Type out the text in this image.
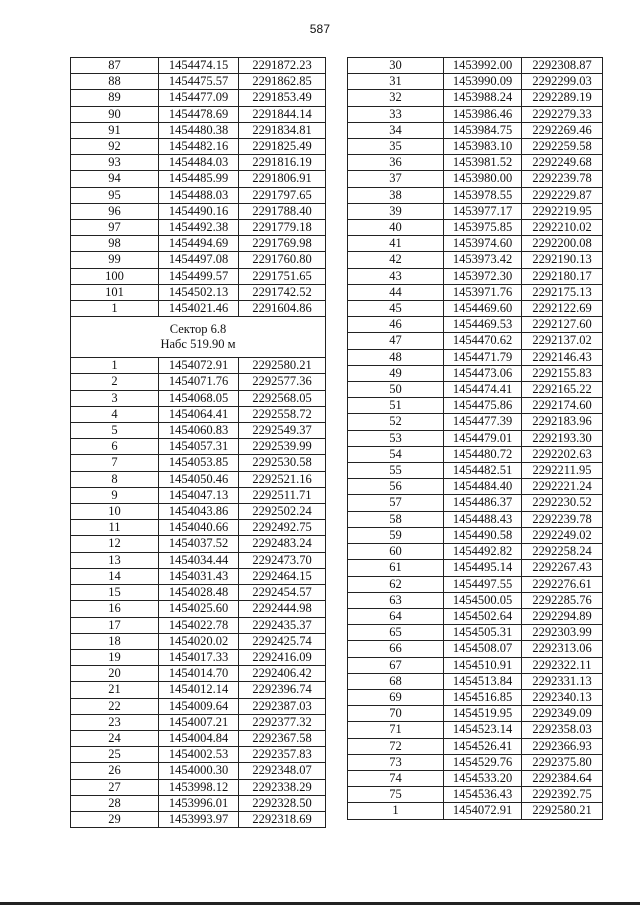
587
87	1454474.15	2291872.23
88	1454475.57	2291862.85
89	1454477.09	2291853.49
90	1454478.69	2291844.14
91	1454480.38	2291834.81
92	1454482.16	2291825.49
93	1454484.03	2291816.19
94	1454485.99	2291806.91
95	1454488.03	2291797.65
96	1454490.16	2291788.40
97	1454492.38	2291779.18
98	1454494.69	2291769.98
99	1454497.08	2291760.80
100	1454499.57	2291751.65
101	1454502.13	2291742.52
1	1454021.46	2291604.86

Сектор 6.8
Набс 519.90 м		

1	1454072.91	2292580.21
2	1454071.76	2292577.36
3	1454068.05	2292568.05
4	1454064.41	2292558.72
5	1454060.83	2292549.37
6	1454057.31	2292539.99
7	1454053.85	2292530.58
8	1454050.46	2292521.16
9	1454047.13	2292511.71
10	1454043.86	2292502.24
11	1454040.66	2292492.75
12	1454037.52	2292483.24
13	1454034.44	2292473.70
14	1454031.43	2292464.15
15	1454028.48	2292454.57
16	1454025.60	2292444.98
17	1454022.78	2292435.37
18	1454020.02	2292425.74
19	1454017.33	2292416.09
20	1454014.70	2292406.42
21	1454012.14	2292396.74
22	1454009.64	2292387.03
23	1454007.21	2292377.32
24	1454004.84	2292367.58
25	1454002.53	2292357.83
26	1454000.30	2292348.07
27	1453998.12	2292338.29
28	1453996.01	2292328.50
29	1453993.97	2292318.69
30	1453992.00	2292308.87
31	1453990.09	2292299.03
32	1453988.24	2292289.19
33	1453986.46	2292279.33
34	1453984.75	2292269.46
35	1453983.10	2292259.58
36	1453981.52	2292249.68
37	1453980.00	2292239.78
38	1453978.55	2292229.87
39	1453977.17	2292219.95
40	1453975.85	2292210.02
41	1453974.60	2292200.08
42	1453973.42	2292190.13
43	1453972.30	2292180.17
44	1453971.76	2292175.13
45	1454469.60	2292122.69
46	1454469.53	2292127.60
47	1454470.62	2292137.02
48	1454471.79	2292146.43
49	1454473.06	2292155.83
50	1454474.41	2292165.22
51	1454475.86	2292174.60
52	1454477.39	2292183.96
53	1454479.01	2292193.30
54	1454480.72	2292202.63
55	1454482.51	2292211.95
56	1454484.40	2292221.24
57	1454486.37	2292230.52
58	1454488.43	2292239.78
59	1454490.58	2292249.02
60	1454492.82	2292258.24
61	1454495.14	2292267.43
62	1454497.55	2292276.61
63	1454500.05	2292285.76
64	1454502.64	2292294.89
65	1454505.31	2292303.99
66	1454508.07	2292313.06
67	1454510.91	2292322.11
68	1454513.84	2292331.13
69	1454516.85	2292340.13
70	1454519.95	2292349.09
71	1454523.14	2292358.03
72	1454526.41	2292366.93
73	1454529.76	2292375.80
74	1454533.20	2292384.64
75	1454536.43	2292392.75
1	1454072.91	2292580.21
